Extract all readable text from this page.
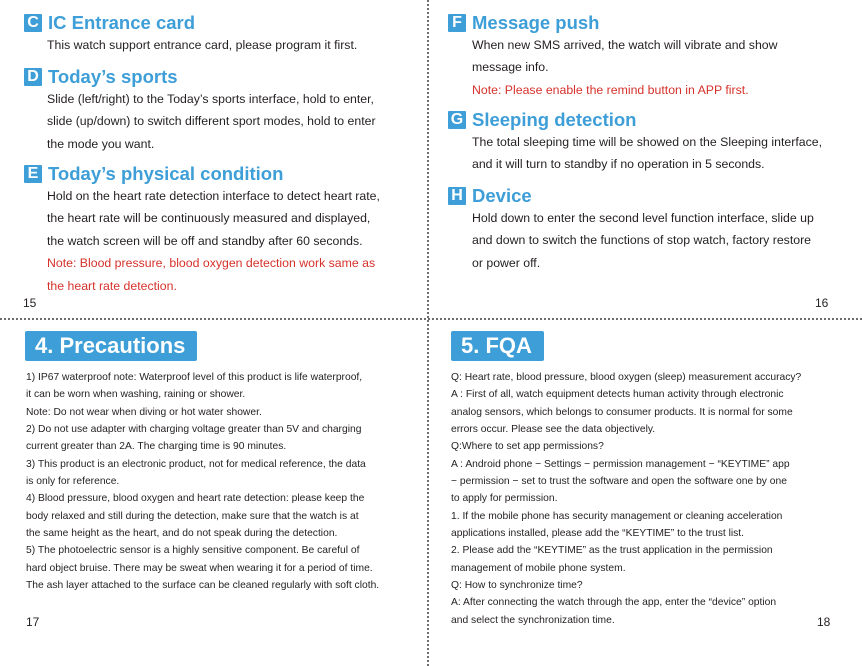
C IC Entrance card

This watch support entrance card, please program it first.

D Today’s sports

Slide (left/right) to the Today’s sports interface, hold to enter,
slide (up/down) to switch different sport modes, hold to enter
the mode you want.

E Today’s physical condition

Hold on the heart rate detection interface to detect heart rate,
the heart rate will be continuously measured and displayed,
the watch screen will be off and standby after 60 seconds.
Note: Blood pressure, blood oxygen detection work same as
the heart rate detection.

15
F Message push

When new SMS arrived, the watch will vibrate and show
message info.
Note: Please enable the remind button in APP first.

G Sleeping detection

The total sleeping time will be showed on the Sleeping interface,
and it will turn to standby if no operation in 5 seconds.

H Device

Hold down to enter the second level function interface, slide up
and down to switch the functions of stop watch, factory restore
or power off.

16
4. Precautions

1) IP67 waterproof note: Waterproof level of this product is life waterproof,
it can be worn when washing, raining or shower.
Note: Do not wear when diving or hot water shower.
2) Do not use adapter with charging voltage greater than 5V and charging
current greater than 2A. The charging time is 90 minutes.
3) This product is an electronic product, not for medical reference, the data
is only for reference.
4) Blood pressure, blood oxygen and heart rate detection: please keep the
body relaxed and still during the detection, make sure that the watch is at
the same height as the heart, and do not speak during the detection.
5) The photoelectric sensor is a highly sensitive component. Be careful of
hard object bruise. There may be sweat when wearing it for a period of time.
The ash layer attached to the surface can be cleaned regularly with soft cloth.

17
5. FQA

Q: Heart rate, blood pressure, blood oxygen (sleep) measurement accuracy?
A : First of all, watch equipment detects human activity through electronic
analog sensors, which belongs to consumer products. It is normal for some
errors occur. Please see the data objectively.
Q:Where to set app permissions?
A : Android phone − Settings − permission management − “KEYTIME” app
− permission − set to trust the software and open the software one by one
to apply for permission.
1. If the mobile phone has security management or cleaning acceleration
applications installed, please add the “KEYTIME” to the trust list.
2. Please add the “KEYTIME” as the trust application in the permission
management of mobile phone system.
Q: How to synchronize time?
A: After connecting the watch through the app, enter the “device” option
and select the synchronization time.	18
